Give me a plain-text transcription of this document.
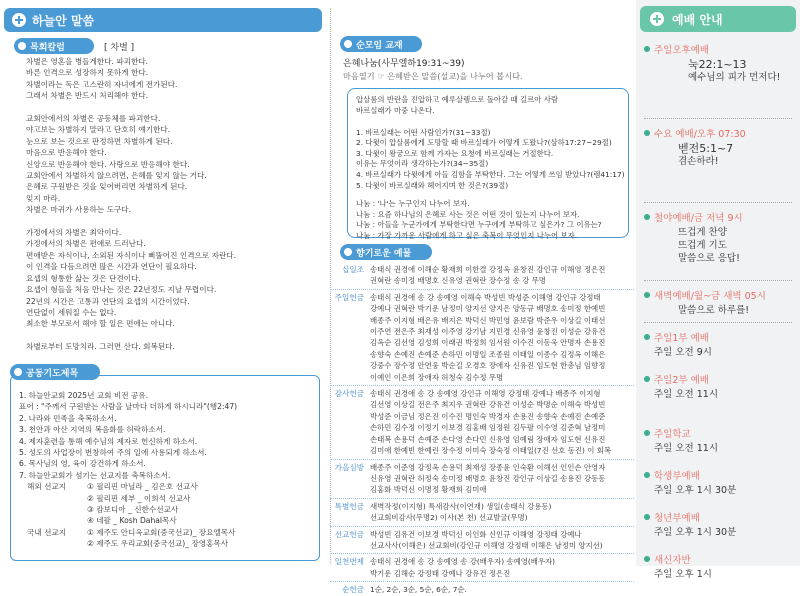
하늘안 말씀
목회칼럼	[ 차별 ]

차별은 영혼을 병들게한다. 파괴한다.

바른 인격으로 성장하지 못하게 한다.

차별이라는 독은 고스란히 자녀에게 전가된다.

그래서 차별은 반드시 처리해야 한다.

교회안에서의 차별은 공동체를 파괴한다.

야고보는 차별하지 말라고 단호히 얘기한다.

눈으로 보는 것으로 판정하면 차별하게 된다.

마음으로 반응해야 한다.

신앙으로 반응해야 한다. 사랑으로 반응해야 한다.

교회안에서 차별하지 않으려면, 은혜를 잊지 않는 거다.

은혜로 구원받은 것을 잊어버리면 차별하게 된다.

잊지 마라.

차별은 마귀가 사용하는 도구다.

가정에서의 차별은 최악이다.

가정에서의 차별은 편애로 드러난다.

편애받은 자식이나, 소외된 자식이나 삐뚤어진 인격으로 자란다.

이 인격을 다듬으려면 많은 시간과 연단이 필요하다.

요셉의 형통한 삶는 것은 단견이다.

요셉이 형들을 처음 만나는 것은 22년정도 지날 무렵이다.

22년의 시간은 고통과 연단의 요셉의 시간이었다.

연단없이 세워질 수는 없다.

최소한 부모로서 해야 할 일은 편애는 아니다.

차별로부터 도망치라. 그러면 산다. 회복된다.

공동기도제목

1. 하늘안교회 2025년 교회 비전 공유.

표어 : "주께서 구원받는 사람을 날마다 더하게 하시니라"(행2:47)

2. 나라와 민족을 축복하소서.

3. 천안과 아산 지역의 복음화를 허락하소서.

4. 제자훈련을 통해 예수님의 제자로 헌신하게 하소서.

5. 성도의 사업장이 번창하여 주의 일에 사용되게 하소서.

6. 목사님의 영, 육이 강건하게 하소서.

7. 하늘안교회가 섬기는 선교지를 축복하소서.

해외 선교지	① 필리핀 마닐라 _ 김은호 선교사
② 필리핀 세부 _ 이희석 선교사
③ 캄보디아 _ 신한수선교사
④ 네팔 _ Kosh Dahal목사
국내 선교지	① 제주도 안디옥교회(중국선교)_ 장요엘목사
② 제주도 우리교회(중국선교)_ 장영홍목사
순모임 교재
은혜나눔(사무엘하19:31~39)
마음열기 ☞ 은혜받은 말씀(설교)을 나누어 봅시다.

압살롬의 반란을 진압하고 예루살렘으로 돌아갈 때 길르아 사람

바르실래가 마중 나온다.

1. 바르실래는 어떤 사람인가?(31~33절)

2. 다윗이 압살롬에게 도망할 때 바르실래가 어떻게 도왔나?(삼하17:27~29절)

3. 다윗이 왕궁으로 함께 가자는 요청에 바르실래는 거절한다.

이유는 무엇이라 생각하는가?(34~35절)

4. 바르실래가 다윗에게 아들 김함을 부탁한다. 그는 어떻게 쓰임 받았나?(렘41:17)

5. 다윗이 바르실래와 헤어지며 한 것은?(39절)

나눔 : '나'는 누구인지 나누어 보자.

나눔 : 요즘 하나님의 은혜로 사는 것은 어떤 것이 있는지 나누어 보자.

나눔 : 아들을 누군가에게 부탁한다면 누구에게 부탁하고 싶은가? 그 이유는?

나눔 : 가장 가까운 사람에게 하고 싶은 축복이 무엇인지 나누어 보자.

향기로운 예물
십일조 송태식 권경애 이해순 황재희 이한결 강정옥 윤창진 강인규 이해영 정은진
권혁란 송미정 배명호 신유영 권혁란 장수정 송 강 무명
주일헌금 송태식 권경애 송 강 송예영 이해숙 박성빈 박성준 이해영 강인규 강정태
강예나 권혁란 박기운 남정미 양지선 양지은 양동규 배명호 송미정 한예빈
배종주 이지형 배은유 배지은 박덕신 박민영 윤보람 박준우 이상길 이태선
이주연 전은주 최재성 이주영 강기남 지민경 신유영 윤창진 이성순 강유건
김옥순 김선영 김성희 이래권 박정희 임서원 이수진 이동욱 안명자 손용진
송향숙 손예진 손예준 손하민 이명일 조종원 이태일 이종수 김정옥 이해은
강중수 장수정 안연웅 박순길 오경호 장애자 신유진 임도현 한총님 임향정
이예인 이은희 장애자 허청숙 김수정 무명
감사헌금 송태식 권경애 송 강 송예영 강인규 이해영 강정태 강예나 배종주 이지형
김선영 이상길 전은주 최지우 권혁란 강유건 이성순 박명순 이해숙 박성빈
박성준 이금님 정은진 이수진 명인숙 박경자 손용진 송향숙 손예진 손예준
손하민 김수정 이정기 이보경 김홍배 임정원 김두팔 이수영 김준혁 남정미
손태복 손용덕 손예준 손다영 손다민 신유영 임예림 장애자 임도현 신유진
김미애 한예빈 한예린 장수정 이미숙 장숙정 이태일(7진 선호 동진) 이 회복
가을심방 배종주 이준영 강정옥 손용덕 최재성 장종윤 인숙환 이해선 인인손 안영자
신유영 권혁란 허정숙 송미정 배명호 윤창진 강인규 이상길 송용진 강동동
김홍화 박덕신 이명정 황재희 김미애
특별헌금 새벽작정(이지형) 특새감사(이연재) 생일(송태식 강용동)
선교회비감사(무명2) 이사(본 천) 선교발굴(무명)
선교헌금 박성빈 김유건 이보경 박덕신 이인화 신인규 이해영 강정태 강예나
선교사사(이해은) 선교회비(강인규 이해영 강정태 이해은 남정미 양지선)
일천번제 송태식 권경애 송 강 송예영 송 강(배우자) 송예영(배우자)
박기운 김해순 강정태 강예나 강유건 정은진
순헌금 1순, 2순, 3순, 5순, 6순, 7순.
예배 안내
주일오후예배
눅22:1~13
예수님의 피가 먼저다!
수요 예배/오후 07:30
벧전5:1~7
겸손하라!
철야예배/금 저녁 9시
뜨겁게 찬양
뜨겁게 기도
말씀으로 응답!
새벽예배/월~금 새벽 05시
말씀으로 하루를!
주일1부 예배
주일 오전 9시
주일2부 예배
주일 오전 11시
주일학교
주일 오전 11시
학생부예배
주일 오후 1시 30분
청년부예배
주일 오후 1시 30분
새신자반
주일 오후 1시
